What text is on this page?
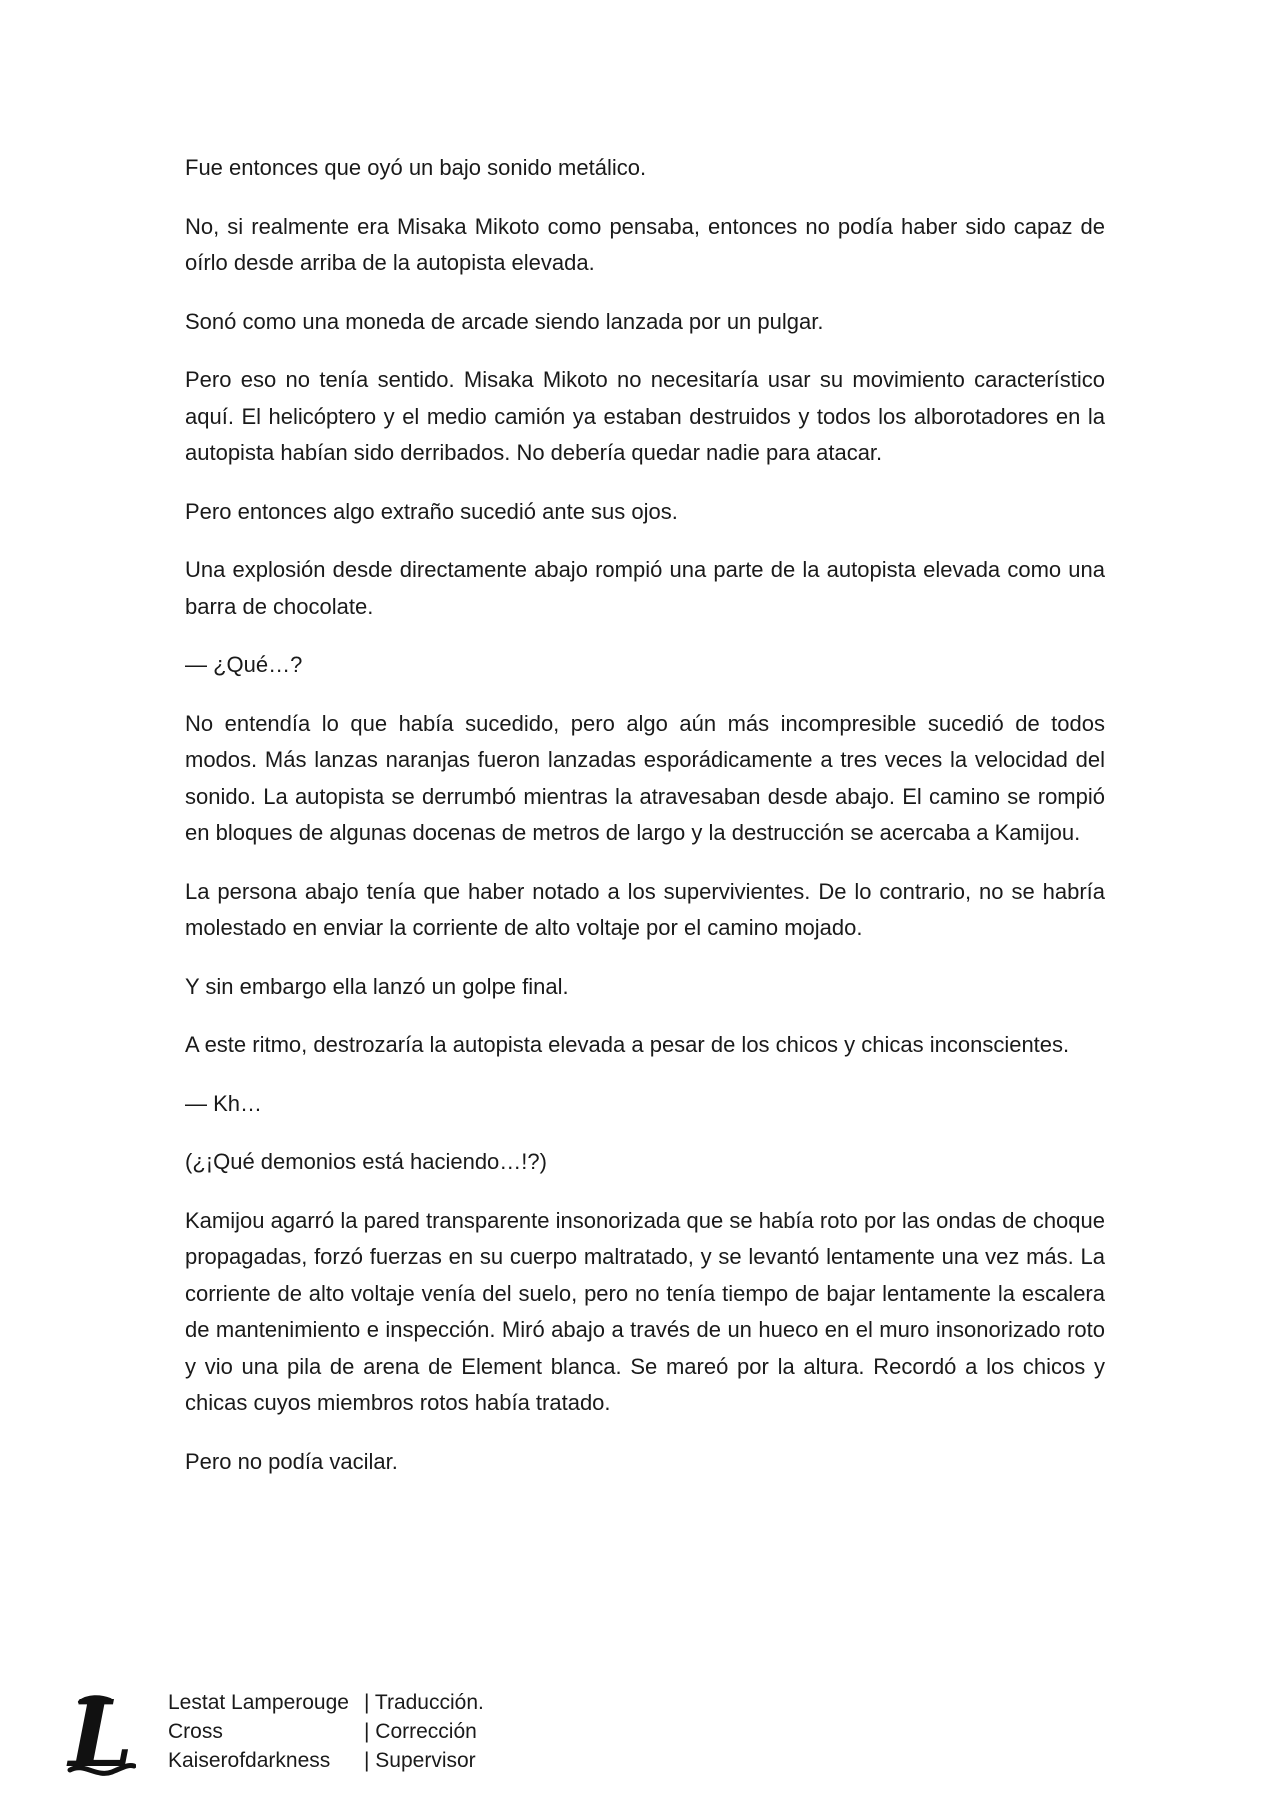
Fue entonces que oyó un bajo sonido metálico.

No, si realmente era Misaka Mikoto como pensaba, entonces no podía haber sido capaz de oírlo desde arriba de la autopista elevada.

Sonó como una moneda de arcade siendo lanzada por un pulgar.

Pero eso no tenía sentido. Misaka Mikoto no necesitaría usar su movimiento característico aquí. El helicóptero y el medio camión ya estaban destruidos y todos los alborotadores en la autopista habían sido derribados. No debería quedar nadie para atacar.

Pero entonces algo extraño sucedió ante sus ojos.

Una explosión desde directamente abajo rompió una parte de la autopista elevada como una barra de chocolate.

— ¿Qué…?

No entendía lo que había sucedido, pero algo aún más incompresible sucedió de todos modos. Más lanzas naranjas fueron lanzadas esporádicamente a tres veces la velocidad del sonido. La autopista se derrumbó mientras la atravesaban desde abajo. El camino se rompió en bloques de algunas docenas de metros de largo y la destrucción se acercaba a Kamijou.

La persona abajo tenía que haber notado a los supervivientes. De lo contrario, no se habría molestado en enviar la corriente de alto voltaje por el camino mojado.

Y sin embargo ella lanzó un golpe final.

A este ritmo, destrozaría la autopista elevada a pesar de los chicos y chicas inconscientes.

— Kh…

(¿¡Qué demonios está haciendo…!?)

Kamijou agarró la pared transparente insonorizada que se había roto por las ondas de choque propagadas, forzó fuerzas en su cuerpo maltratado, y se levantó lentamente una vez más. La corriente de alto voltaje venía del suelo, pero no tenía tiempo de bajar lentamente la escalera de mantenimiento e inspección. Miró abajo a través de un hueco en el muro insonorizado roto y vio una pila de arena de Element blanca. Se mareó por la altura. Recordó a los chicos y chicas cuyos miembros rotos había tratado.

Pero no podía vacilar.

L Lestat Lamperouge | Traducción.
Cross	| Corrección
Kaiserofdarkness	| Supervisor
